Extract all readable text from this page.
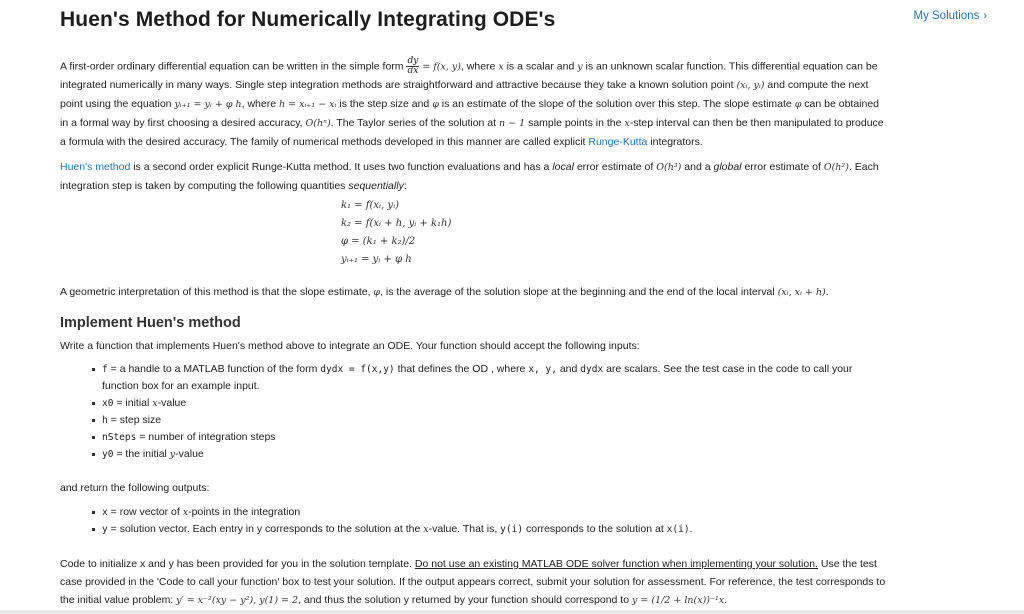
Huen's Method for Numerically Integrating ODE's	My Solutions ›

A first-order ordinary differential equation can be written in the simple form $\frac{dy}{dx} = f(x$, y), where x is a scalar and y is an unknown scalar function. This differential equation can be

integrated numerically in many ways. Single step integration methods are straightforward and attractive because they take a known solution point (xᵢ, yᵢ) and compute the next

point using the equation yᵢ₊₁ = yᵢ + φ h, where h = xᵢ₊₁ − xᵢ is the step size and φ is an estimate of the slope of the solution over this step. The slope estimate φ can be obtained

in a formal way by first choosing a desired accuracy, O(hⁿ). The Taylor series of the solution at n − 1 sample points in the x-step interval can then be then manipulated to produce

a formula with the desired accuracy. The family of numerical methods developed in this manner are called explicit Runge-Kutta integrators.

Huen's method is a second order explicit Runge-Kutta method. It uses two function evaluations and has a local error estimate of O(h³) and a global error estimate of O(h²). Each

integration step is taken by computing the following quantities sequentially:

k₁ = f(xᵢ, yᵢ)
k₂ = f(xᵢ + h, yᵢ + k₁h)
φ = (k₁ + k₂)/2
yᵢ₊₁ = yᵢ + φ h

A geometric interpretation of this method is that the slope estimate, φ, is the average of the solution slope at the beginning and the end of the local interval (xᵢ, xᵢ + h).

Implement Huen's method

Write a function that implements Huen's method above to integrate an ODE. Your function should accept the following inputs:

f = a handle to a MATLAB function of the form dydx = f(x,y) that defines the OD , where x, y, and dydx are scalars. See the test case in the code to call your
function box for an example input.
x0 = initial x-value
h = step size
nSteps = number of integration steps
y0 = the initial y-value

and return the following outputs:

x = row vector of x-points in the integration
y = solution vector. Each entry in y corresponds to the solution at the x-value. That is, y(i) corresponds to the solution at x(i).

Code to initialize x and y has been provided for you in the solution template. Do not use an existing MATLAB ODE solver function when implementing your solution. Use the test

case provided in the 'Code to call your function' box to test your solution. If the output appears correct, submit your solution for assessment. For reference, the test corresponds to

the initial value problem: y′ = x⁻²(xy − y²), y(1) = 2, and thus the solution y returned by your function should correspond to y = (1/2 + ln(x))⁻¹x.
